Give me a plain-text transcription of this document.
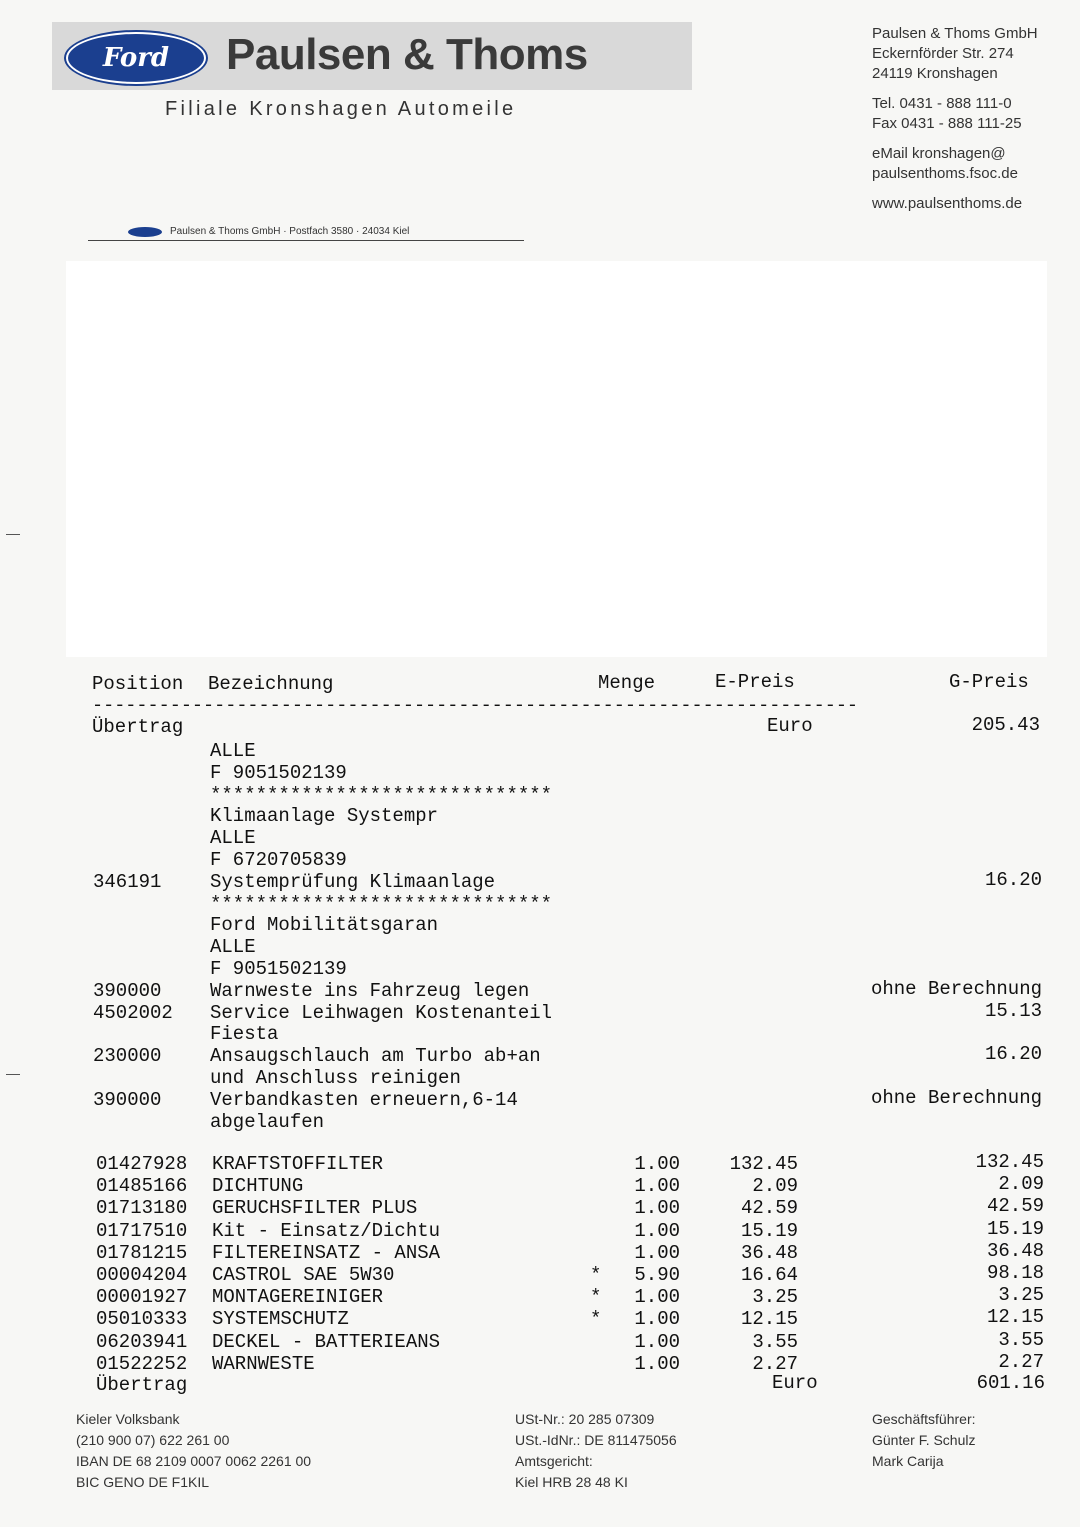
Ford Paulsen & Thoms
Filiale Kronshagen Automeile
Paulsen & Thoms GmbH
Eckernförder Str. 274
24119 Kronshagen
Tel. 0431 - 888 111-0
Fax 0431 - 888 111-25
eMail kronshagen@
paulsenthoms.fsoc.de
www.paulsenthoms.de
Paulsen & Thoms GmbH · Postfach 3580 · 24034 Kiel
Position Bezeichnung	Menge	E-Preis	G-Preis
---------------------------------------------------------------------
Übertrag	Euro	205.43
ALLE
F 9051502139
******************************
Klimaanlage Systempr
ALLE
F 6720705839
346191	Systemprüfung Klimaanlage	16.20
******************************
Ford Mobilitätsgaran
ALLE
F 9051502139
390000	Warnweste ins Fahrzeug legen	ohne Berechnung
4502002 Service Leihwagen Kostenanteil	15.13
Fiesta
230000	Ansaugschlauch am Turbo ab+an	16.20
und Anschluss reinigen
390000	Verbandkasten erneuern,6-14	ohne Berechnung
abgelaufen
01427928 KRAFTSTOFFILTER	1.00	132.45	132.45
01485166 DICHTUNG	1.00	2.09	2.09
01713180 GERUCHSFILTER PLUS	1.00	42.59	42.59
01717510 Kit - Einsatz/Dichtu	1.00	15.19	15.19
01781215 FILTEREINSATZ - ANSA	1.00	36.48	36.48
00004204 CASTROL SAE 5W30	*	5.90	16.64	98.18
00001927 MONTAGEREINIGER	*	1.00	3.25	3.25
05010333 SYSTEMSCHUTZ	*	1.00	12.15	12.15
06203941 DECKEL - BATTERIEANS	1.00	3.55	3.55
01522252 WARNWESTE	1.00	2.27	2.27
Übertrag	Euro	601.16
Kieler Volksbank
(210 900 07) 622 261 00
IBAN DE 68 2109 0007 0062 2261 00
BIC GENO DE F1KIL
USt-Nr.: 20 285 07309
USt.-IdNr.: DE 811475056
Amtsgericht:
Kiel HRB 28 48 KI
Geschäftsführer:
Günter F. Schulz
Mark Carija
